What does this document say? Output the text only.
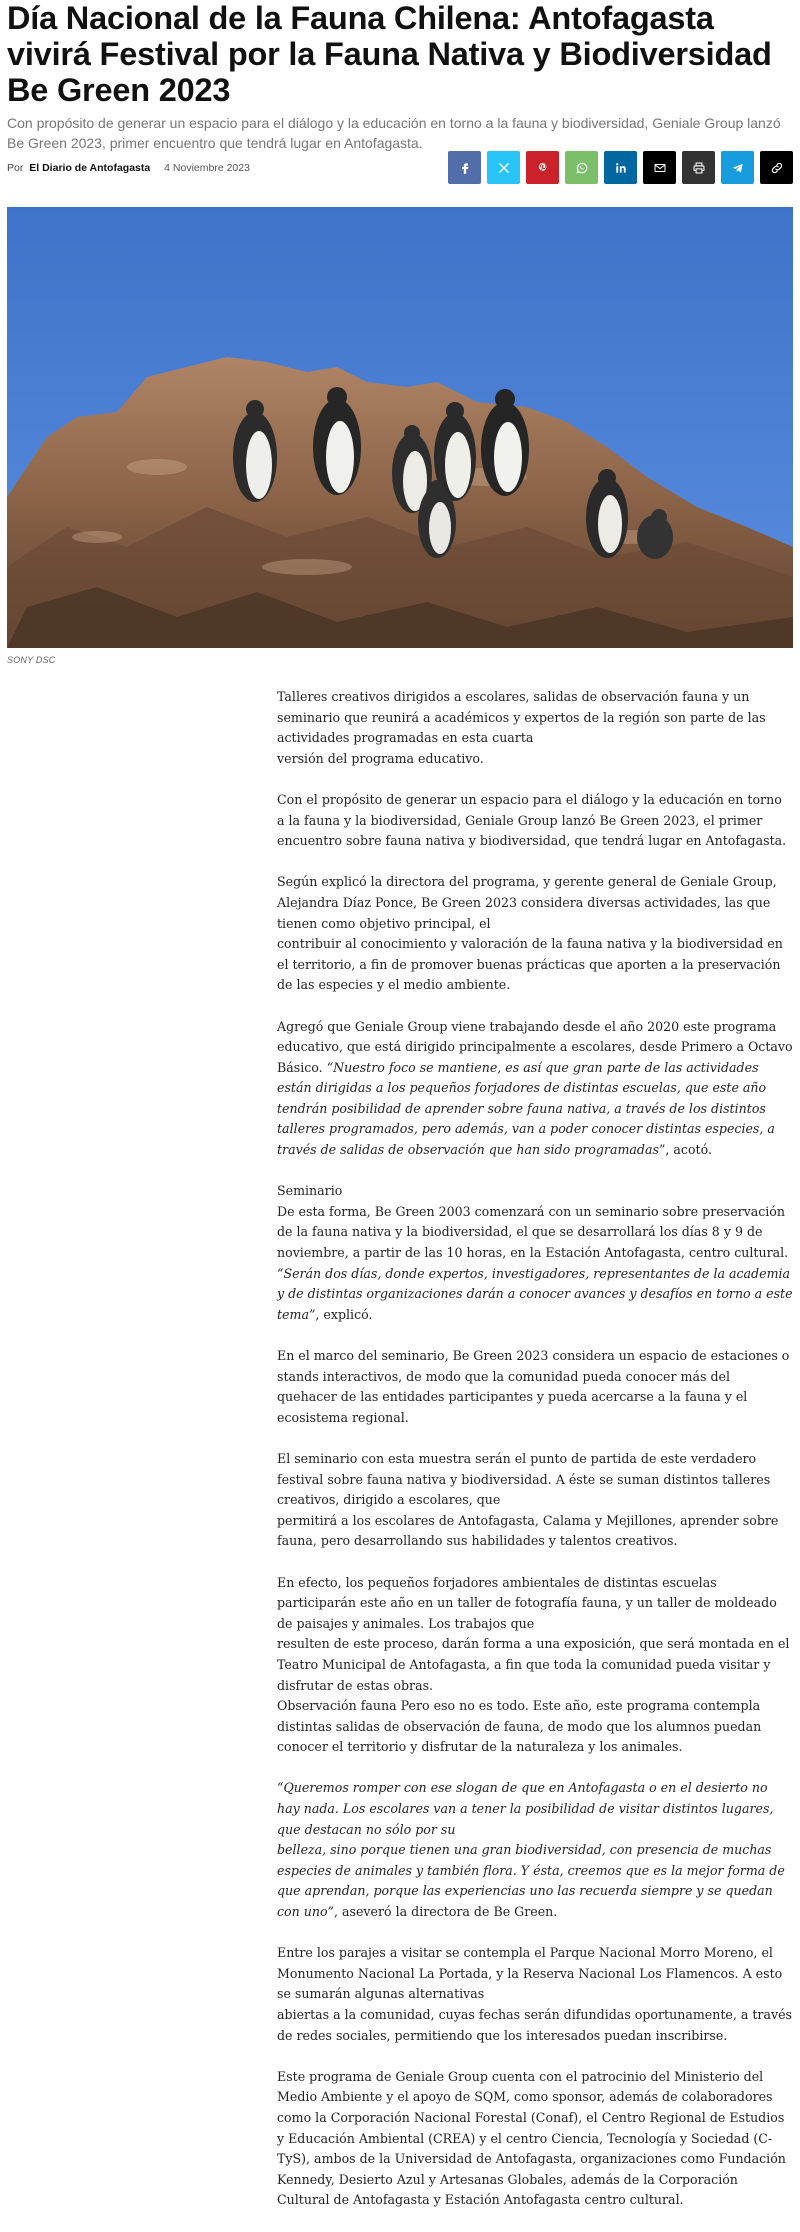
Día Nacional de la Fauna Chilena: Antofagasta vivirá Festival por la Fauna Nativa y Biodiversidad Be Green 2023

Con propósito de generar un espacio para el diálogo y la educación en torno a la fauna y biodiversidad, Geniale Group lanzó Be Green 2023, primer encuentro que tendrá lugar en Antofagasta.

Por El Diario de Antofagasta 4 Noviembre 2023
SONY DSC

Talleres creativos dirigidos a escolares, salidas de observación fauna y un seminario que reunirá a académicos y expertos de la región son parte de las actividades programadas en esta cuarta
versión del programa educativo.

Con el propósito de generar un espacio para el diálogo y la educación en torno a la fauna y la biodiversidad, Geniale Group lanzó Be Green 2023, el primer encuentro sobre fauna nativa y biodiversidad, que tendrá lugar en Antofagasta.

Según explicó la directora del programa, y gerente general de Geniale Group, Alejandra Díaz Ponce, Be Green 2023 considera diversas actividades, las que tienen como objetivo principal, el
contribuir al conocimiento y valoración de la fauna nativa y la biodiversidad en el territorio, a fin de promover buenas prácticas que aporten a la preservación de las especies y el medio ambiente.

Agregó que Geniale Group viene trabajando desde el año 2020 este programa educativo, que está dirigido principalmente a escolares, desde Primero a Octavo Básico. “Nuestro foco se mantiene, es así que gran parte de las actividades están dirigidas a los pequeños forjadores de distintas escuelas, que este año tendrán posibilidad de aprender sobre fauna nativa, a través de los distintos talleres programados, pero además, van a poder conocer distintas especies, a través de salidas de observación que han sido programadas”, acotó.

Seminario
De esta forma, Be Green 2003 comenzará con un seminario sobre preservación de la fauna nativa y la biodiversidad, el que se desarrollará los días 8 y 9 de noviembre, a partir de las 10 horas, en la Estación Antofagasta, centro cultural. “Serán dos días, donde expertos, investigadores, representantes de la academia y de distintas organizaciones darán a conocer avances y desafíos en torno a este tema”, explicó.

En el marco del seminario, Be Green 2023 considera un espacio de estaciones o stands interactivos, de modo que la comunidad pueda conocer más del quehacer de las entidades participantes y pueda acercarse a la fauna y el ecosistema regional.

El seminario con esta muestra serán el punto de partida de este verdadero festival sobre fauna nativa y biodiversidad. A éste se suman distintos talleres creativos, dirigido a escolares, que
permitirá a los escolares de Antofagasta, Calama y Mejillones, aprender sobre fauna, pero desarrollando sus habilidades y talentos creativos.

En efecto, los pequeños forjadores ambientales de distintas escuelas participarán este año en un taller de fotografía fauna, y un taller de moldeado de paisajes y animales. Los trabajos que
resulten de este proceso, darán forma a una exposición, que será montada en el Teatro Municipal de Antofagasta, a fin que toda la comunidad pueda visitar y disfrutar de estas obras.
Observación fauna Pero eso no es todo. Este año, este programa contempla distintas salidas de observación de fauna, de modo que los alumnos puedan conocer el territorio y disfrutar de la naturaleza y los animales.

“Queremos romper con ese slogan de que en Antofagasta o en el desierto no hay nada. Los escolares van a tener la posibilidad de visitar distintos lugares, que destacan no sólo por su
belleza, sino porque tienen una gran biodiversidad, con presencia de muchas especies de animales y también flora. Y ésta, creemos que es la mejor forma de que aprendan, porque las experiencias uno las recuerda siempre y se quedan con uno”, aseveró la directora de Be Green.

Entre los parajes a visitar se contempla el Parque Nacional Morro Moreno, el Monumento Nacional La Portada, y la Reserva Nacional Los Flamencos. A esto se sumarán algunas alternativas
abiertas a la comunidad, cuyas fechas serán difundidas oportunamente, a través de redes sociales, permitiendo que los interesados puedan inscribirse.

Este programa de Geniale Group cuenta con el patrocinio del Ministerio del Medio Ambiente y el apoyo de SQM, como sponsor, además de colaboradores como la Corporación Nacional Forestal (Conaf), el Centro Regional de Estudios y Educación Ambiental (CREA) y el centro Ciencia, Tecnología y Sociedad (C-TyS), ambos de la Universidad de Antofagasta, organizaciones como Fundación Kennedy, Desierto Azul y Artesanas Globales, además de la Corporación Cultural de Antofagasta y Estación Antofagasta centro cultural.
